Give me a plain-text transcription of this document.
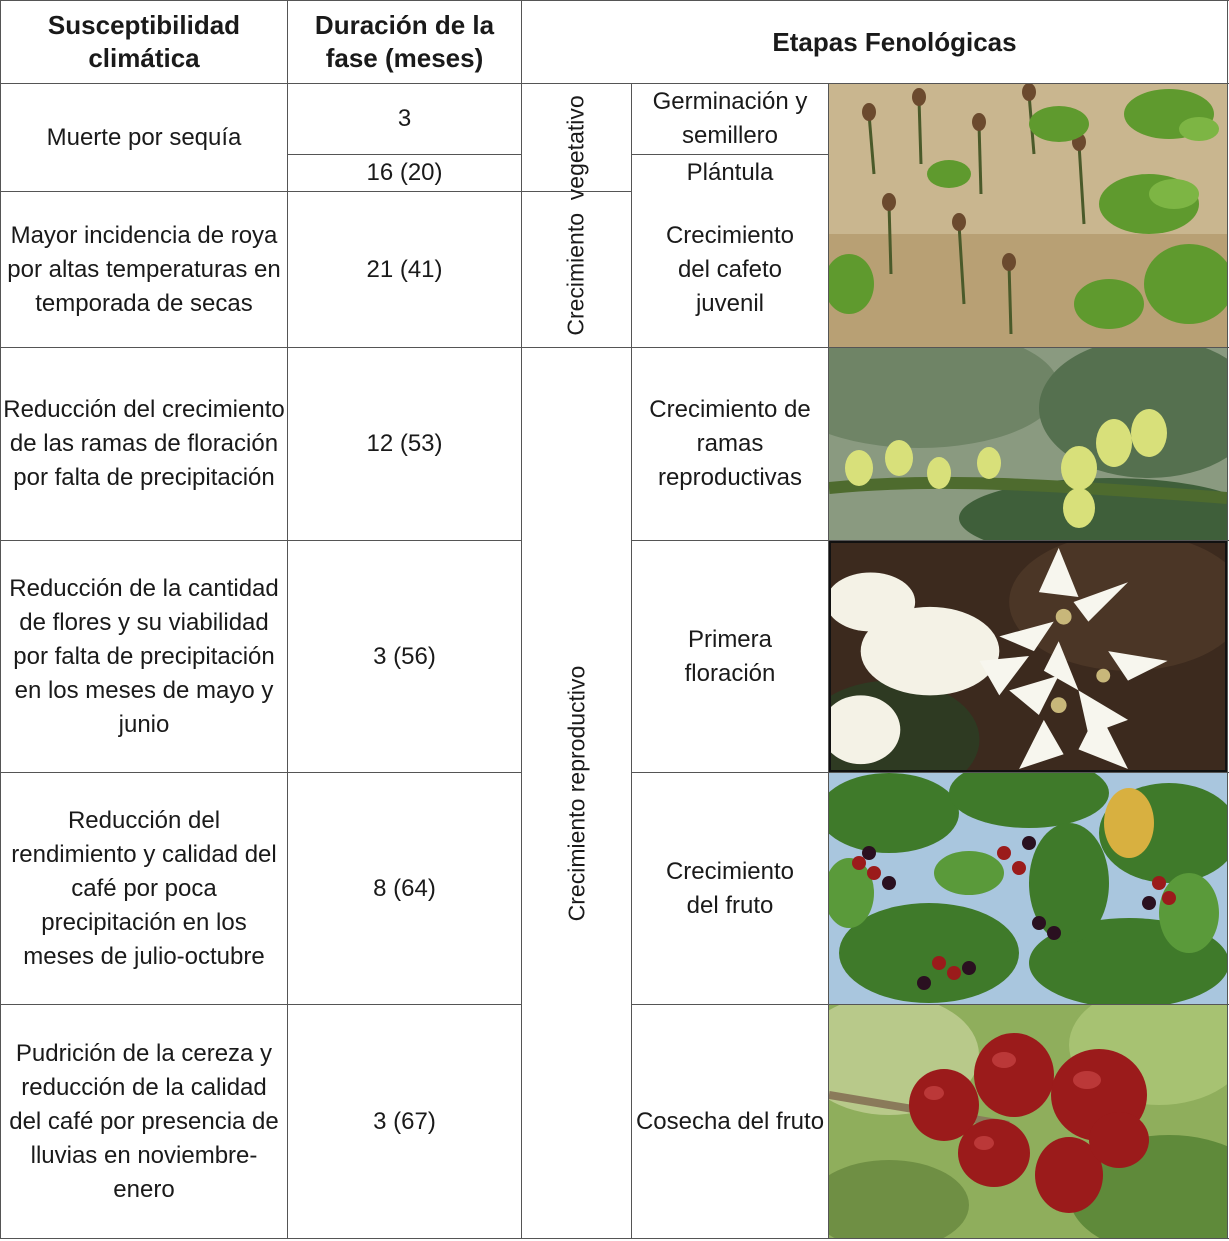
Susceptibilidad climática
Duración de la fase (meses)
Etapas Fenológicas
Muerte por sequía
Mayor incidencia de roya por altas temperaturas en temporada de secas
Reducción del crecimiento de las ramas de floración por falta de precipitación
Reducción de la cantidad de flores y su viabilidad por falta de precipitación en los meses de mayo y junio
Reducción del rendimiento y calidad del café por poca precipitación en los meses de julio-octubre
Pudrición de la cereza y reducción de la calidad del café por presencia de lluvias en noviembre-enero
3
16 (20)
21 (41)
12 (53)
3 (56)
8 (64)
3 (67)
Crecimiento  vegetativo
Crecimiento reproductivo
Germinación y semillero
Plántula
Crecimiento del cafeto juvenil
Crecimiento de ramas reproductivas
Primera floración
Crecimiento del fruto
Cosecha del fruto
